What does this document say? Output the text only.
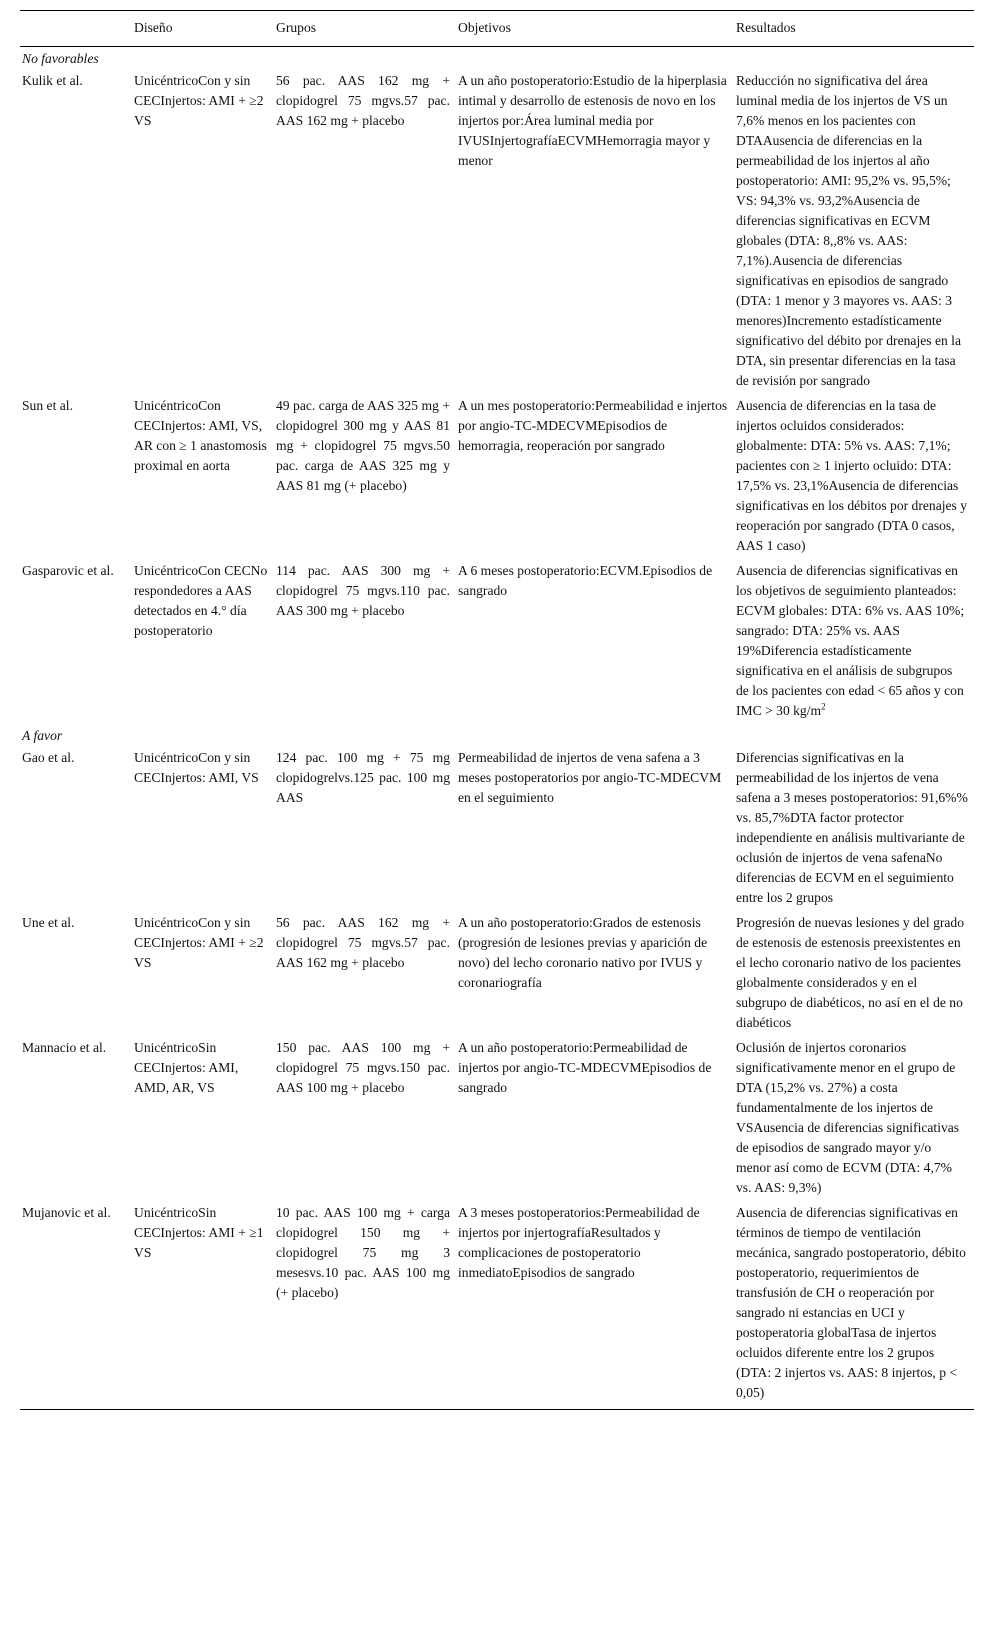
	Diseño	Grupos	Objetivos	Resultados
No favorables				
Kulik et al.	UnicéntricoCon y sin CECInjertos: AMI + ≥2 VS	56 pac. AAS 162 mg + clopidogrel 75 mgvs.57 pac. AAS 162 mg + placebo	A un año postoperatorio:Estudio de la hiperplasia intimal y desarrollo de estenosis de novo en los injertos por:Área luminal media por IVUSInjertografíaECVMHemorragia mayor y menor	Reducción no significativa del área luminal media de los injertos de VS un 7,6% menos en los pacientes con DTAAusencia de diferencias en la permeabilidad de los injertos al año postoperatorio: AMI: 95,2% vs. 95,5%; VS: 94,3% vs. 93,2%Ausencia de diferencias significativas en ECVM globales (DTA: 8,,8% vs. AAS: 7,1%).Ausencia de diferencias significativas en episodios de sangrado (DTA: 1 menor y 3 mayores vs. AAS: 3 menores)Incremento estadísticamente significativo del débito por drenajes en la DTA, sin presentar diferencias en la tasa de revisión por sangrado
Sun et al.	UnicéntricoCon CECInjertos: AMI, VS, AR con ≥ 1 anastomosis proximal en aorta	49 pac. carga de AAS 325 mg + clopidogrel 300 mg y AAS 81 mg + clopidogrel 75 mgvs.50 pac. carga de AAS 325 mg y AAS 81 mg (+ placebo)	A un mes postoperatorio:Permeabilidad e injertos por angio-TC-MDECVMEpisodios de hemorragia, reoperación por sangrado	Ausencia de diferencias en la tasa de injertos ocluidos considerados: globalmente: DTA: 5% vs. AAS: 7,1%; pacientes con ≥ 1 injerto ocluido: DTA: 17,5% vs. 23,1%Ausencia de diferencias significativas en los débitos por drenajes y reoperación por sangrado (DTA 0 casos, AAS 1 caso)
Gasparovic et al.	UnicéntricoCon CECNo respondedores a AAS detectados en 4.° día postoperatorio	114 pac. AAS 300 mg + clopidogrel 75 mgvs.110 pac. AAS 300 mg + placebo	A 6 meses postoperatorio:ECVM.Episodios de sangrado	Ausencia de diferencias significativas en los objetivos de seguimiento planteados: ECVM globales: DTA: 6% vs. AAS 10%; sangrado: DTA: 25% vs. AAS 19%Diferencia estadísticamente significativa en el análisis de subgrupos de los pacientes con edad < 65 años y con IMC > 30 $kg/m^2$
A favor				
Gao et al.	UnicéntricoCon y sin CECInjertos: AMI, VS	124 pac. 100 mg + 75 mg clopidogrelvs.125 pac. 100 mg AAS	Permeabilidad de injertos de vena safena a 3 meses postoperatorios por angio-TC-MDECVM en el seguimiento	Diferencias significativas en la permeabilidad de los injertos de vena safena a 3 meses postoperatorios: 91,6%% vs. 85,7%DTA factor protector independiente en análisis multivariante de oclusión de injertos de vena safenaNo diferencias de ECVM en el seguimiento entre los 2 grupos
Une et al.	UnicéntricoCon y sin CECInjertos: AMI + ≥2 VS	56 pac. AAS 162 mg + clopidogrel 75 mgvs.57 pac. AAS 162 mg + placebo	A un año postoperatorio:Grados de estenosis (progresión de lesiones previas y aparición de novo) del lecho coronario nativo por IVUS y coronariografía	Progresión de nuevas lesiones y del grado de estenosis de estenosis preexistentes en el lecho coronario nativo de los pacientes globalmente considerados y en el subgrupo de diabéticos, no así en el de no diabéticos
Mannacio et al.	UnicéntricoSin CECInjertos: AMI, AMD, AR, VS	150 pac. AAS 100 mg + clopidogrel 75 mgvs.150 pac. AAS 100 mg + placebo	A un año postoperatorio:Permeabilidad de injertos por angio-TC-MDECVMEpisodios de sangrado	Oclusión de injertos coronarios significativamente menor en el grupo de DTA (15,2% vs. 27%) a costa fundamentalmente de los injertos de VSAusencia de diferencias significativas de episodios de sangrado mayor y/o menor así como de ECVM (DTA: 4,7% vs. AAS: 9,3%)
Mujanovic et al.	UnicéntricoSin CECInjertos: AMI + ≥1 VS	10 pac. AAS 100 mg + carga clopidogrel 150 mg + clopidogrel 75 mg 3 mesesvs.10 pac. AAS 100 mg (+ placebo)	A 3 meses postoperatorios:Permeabilidad de injertos por injertografíaResultados y complicaciones de postoperatorio inmediatoEpisodios de sangrado	Ausencia de diferencias significativas en términos de tiempo de ventilación mecánica, sangrado postoperatorio, débito postoperatorio, requerimientos de transfusión de CH o reoperación por sangrado ni estancias en UCI y postoperatoria globalTasa de injertos ocluidos diferente entre los 2 grupos (DTA: 2 injertos vs. AAS: 8 injertos, p < 0,05)
